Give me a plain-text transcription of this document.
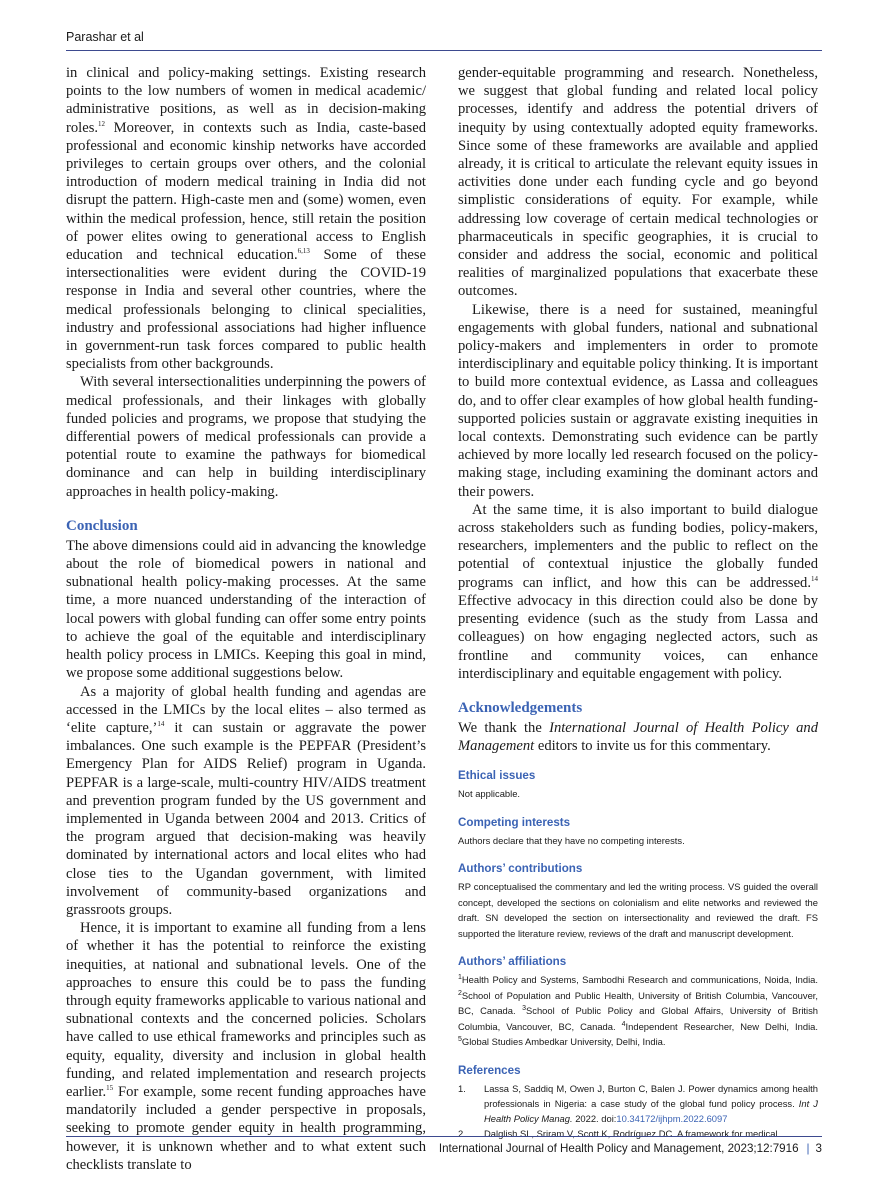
Parashar et al

in clinical and policy-making settings. Existing research points to the low numbers of women in medical academic/ administrative positions, as well as in decision-making roles.$^{12}$ Moreover, in contexts such as India, caste-based professional and economic kinship networks have accorded privileges to certain groups over others, and the colonial introduction of modern medical training in India did not disrupt the pattern. High-caste men and (some) women, even within the medical profession, hence, still retain the position of power elites owing to generational access to English education and technical education.$^{6,13}$ Some of these intersectionalities were evident during the COVID-19 response in India and several other countries, where the medical professionals belonging to clinical specialities, industry and professional associations had higher influence in government-run task forces compared to public health specialists from other backgrounds.

With several intersectionalities underpinning the powers of medical professionals, and their linkages with globally funded policies and programs, we propose that studying the differential powers of medical professionals can provide a potential route to examine the pathways for biomedical dominance and can help in building interdisciplinary approaches in health policy-making.

Conclusion

The above dimensions could aid in advancing the knowledge about the role of biomedical powers in national and subnational health policy-making processes. At the same time, a more nuanced understanding of the interaction of local powers with global funding can offer some entry points to achieve the goal of the equitable and interdisciplinary health policy process in LMICs. Keeping this goal in mind, we propose some additional suggestions below.

As a majority of global health funding and agendas are accessed in the LMICs by the local elites – also termed as ‘elite capture,’$^{14}$ it can sustain or aggravate the power imbalances. One such example is the PEPFAR (President’s Emergency Plan for AIDS Relief) program in Uganda. PEPFAR is a large-scale, multi-country HIV/AIDS treatment and prevention program funded by the US government and implemented in Uganda between 2004 and 2013. Critics of the program argued that decision-making was heavily dominated by international actors and local elites who had close ties to the Ugandan government, with limited involvement of community-based organizations and grassroots groups.

Hence, it is important to examine all funding from a lens of whether it has the potential to reinforce the existing inequities, at national and subnational levels. One of the approaches to ensure this could be to pass the funding through equity frameworks applicable to various national and subnational contexts and the concerned policies. Scholars have called to use ethical frameworks and principles such as equity, equality, diversity and inclusion in global health funding, and related implementation and research projects earlier.$^{15}$ For example, some recent funding approaches have mandatorily included a gender perspective in proposals, seeking to promote gender equity in health programming, however, it is unknown whether and to what extent such checklists translate to

gender-equitable programming and research. Nonetheless, we suggest that global funding and related local policy processes, identify and address the potential drivers of inequity by using contextually adopted equity frameworks. Since some of these frameworks are available and applied already, it is critical to articulate the relevant equity issues in activities done under each funding cycle and go beyond simplistic considerations of equity. For example, while addressing low coverage of certain medical technologies or pharmaceuticals in specific geographies, it is crucial to consider and address the social, economic and political realities of marginalized populations that exacerbate these outcomes.

Likewise, there is a need for sustained, meaningful engagements with global funders, national and subnational policy-makers and implementers in order to promote interdisciplinary and equitable policy thinking. It is important to build more contextual evidence, as Lassa and colleagues do, and to offer clear examples of how global health funding-supported policies sustain or aggravate existing inequities in local contexts. Demonstrating such evidence can be partly achieved by more locally led research focused on the policy-making stage, including examining the dominant actors and their powers.

At the same time, it is also important to build dialogue across stakeholders such as funding bodies, policy-makers, researchers, implementers and the public to reflect on the potential of contextual injustice the globally funded programs can inflict, and how this can be addressed.$^{14}$ Effective advocacy in this direction could also be done by presenting evidence (such as the study from Lassa and colleagues) on how engaging neglected actors, such as frontline and community voices, can enhance interdisciplinary and equitable engagement with policy.

Acknowledgements

We thank the International Journal of Health Policy and Management editors to invite us for this commentary.

Ethical issues

Not applicable.

Competing interests

Authors declare that they have no competing interests.

Authors’ contributions

RP conceptualised the commentary and led the writing process. VS guided the overall concept, developed the sections on colonialism and elite networks and reviewed the draft. SN developed the section on intersectionality and reviewed the draft. FS supported the literature review, reviews of the draft and manuscript development.

Authors’ affiliations

$^1$Health Policy and Systems, Sambodhi Research and communications, Noida, India. $^2$School of Population and Public Health, University of British Columbia, Vancouver, BC, Canada. $^3$School of Public Policy and Global Affairs, University of British Columbia, Vancouver, BC, Canada. $^4$Independent Researcher, New Delhi, India. $^5$Global Studies Ambedkar University, Delhi, India.

References
1.	Lassa S, Saddiq M, Owen J, Burton C, Balen J. Power dynamics among health professionals in Nigeria: a case study of the global fund policy process. Int J Health Policy Manag. 2022. doi:10.34172/ijhpm.2022.6097
2.	Dalglish SL, Sriram V, Scott K, Rodríguez DC. A framework for medical
International Journal of Health Policy and Management, 2023;12:7916 | 3
